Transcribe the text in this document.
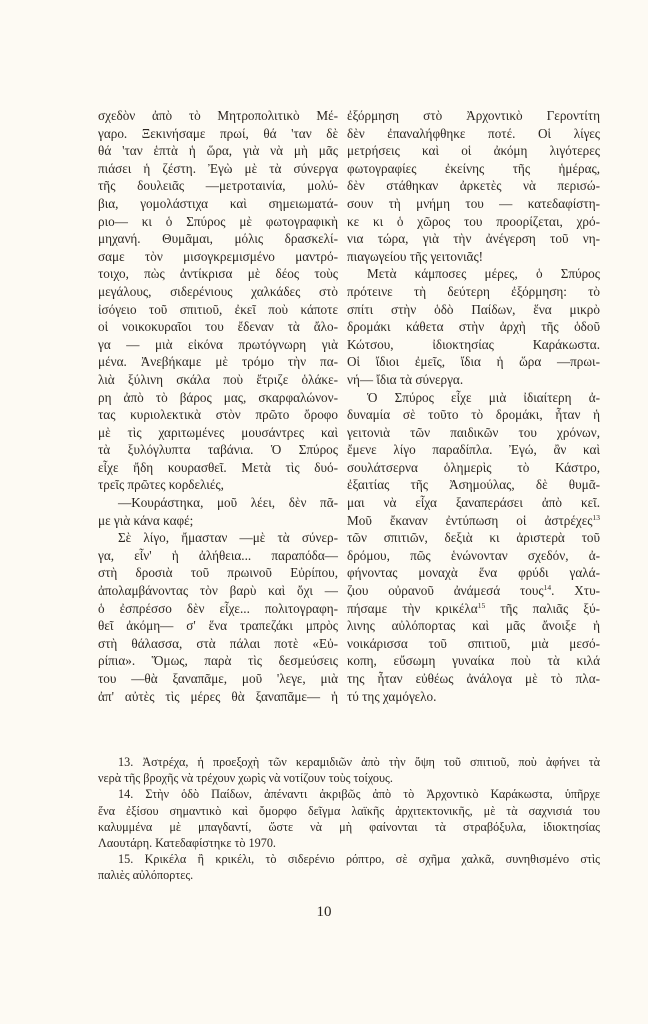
σχεδὸν ἀπὸ τὸ Μητροπολιτικὸ Μέ-
γαρο. Ξεκινήσαμε πρωί, θά 'ταν δὲ
θά 'ταν ἑπτὰ ἡ ὥρα, γιὰ νὰ μὴ μᾶς
πιάσει ἡ ζέστη. Ἐγὼ μὲ τὰ σύνεργα
τῆς δουλειᾶς —μετροταινία, μολύ-
βια, γομολάστιχα καὶ σημειωματά-
ριο— κι ὁ Σπύρος μὲ φωτογραφικὴ
μηχανή. Θυμᾶμαι, μόλις δρασκελί-
σαμε τὸν μισογκρεμισμένο μαντρό-
τοιχο, πὼς ἀντίκρισα μὲ δέος τοὺς
μεγάλους, σιδερένιους χαλκάδες στὸ
ἰσόγειο τοῦ σπιτιοῦ, ἐκεῖ ποὺ κάποτε
οἱ νοικοκυραῖοι του ἔδεναν τὰ ἄλο-
γα — μιὰ εἰκόνα πρωτόγνωρη γιὰ
μένα. Ἀνεβήκαμε μὲ τρόμο τὴν πα-
λιὰ ξύλινη σκάλα ποὺ ἔτριζε ὁλάκε-
ρη ἀπὸ τὸ βάρος μας, σκαρφαλώνον-
τας κυριολεκτικὰ στὸν πρῶτο ὄροφο
μὲ τὶς χαριτωμένες μουσάντρες καὶ
τὰ ξυλόγλυπτα ταβάνια. Ὁ Σπύρος
εἶχε ἤδη κουρασθεῖ. Μετὰ τὶς δυό-
τρεῖς πρῶτες κορδελιές,
—Κουράστηκα, μοῦ λέει, δὲν πᾶ-
με γιὰ κάνα καφέ;
Σὲ λίγο, ἤμασταν —μὲ τὰ σύνερ-
γα, εἶν' ἡ ἀλήθεια... παραπόδα—
στὴ δροσιὰ τοῦ πρωινοῦ Εὐρίπου,
ἀπολαμβάνοντας τὸν βαρὺ καὶ ὄχι —
ὁ ἐσπρέσσο δὲν εἶχε... πολιτογραφη-
θεῖ ἀκόμη— σ' ἕνα τραπεζάκι μπρὸς
στὴ θάλασσα, στὰ πάλαι ποτὲ «Εὐ-
ρίπια». Ὅμως, παρὰ τὶς δεσμεύσεις
του —θὰ ξαναπᾶμε, μοῦ 'λεγε, μιὰ
ἀπ' αὐτὲς τὶς μέρες θὰ ξαναπᾶμε— ἡ
ἐξόρμηση στὸ Ἀρχοντικὸ Γεροντίτη
δὲν ἐπαναλήφθηκε ποτέ. Οἱ λίγες
μετρήσεις καὶ οἱ ἀκόμη λιγότερες
φωτογραφίες ἐκείνης τῆς ἡμέρας,
δὲν στάθηκαν ἀρκετὲς νὰ περισώ-
σουν τὴ μνήμη του — κατεδαφίστη-
κε κι ὁ χῶρος του προορίζεται, χρό-
νια τώρα, γιὰ τὴν ἀνέγερση τοῦ νη-
πιαγωγείου τῆς γειτονιᾶς!
Μετὰ κάμποσες μέρες, ὁ Σπύρος
πρότεινε τὴ δεύτερη ἐξόρμηση: τὸ
σπίτι στὴν ὁδὸ Παίδων, ἕνα μικρὸ
δρομάκι κάθετα στὴν ἀρχὴ τῆς ὁδοῦ
Κώτσου, ἰδιοκτησίας Καράκωστα.
Οἱ ἴδιοι ἐμεῖς, ἴδια ἡ ὥρα —πρωι-
νή— ἴδια τὰ σύνεργα.
Ὁ Σπύρος εἶχε μιὰ ἰδιαίτερη ἀ-
δυναμία σὲ τοῦτο τὸ δρομάκι, ἦταν ἡ
γειτονιὰ τῶν παιδικῶν του χρόνων,
ἔμενε λίγο παραδίπλα. Ἐγώ, ἂν καὶ
σουλάτσερνα ὁλημερὶς τὸ Κάστρο,
ἐξαιτίας τῆς Ἀσημούλας, δὲ θυμᾶ-
μαι νὰ εἶχα ξαναπεράσει ἀπὸ κεῖ.
Μοῦ ἔκαναν ἐντύπωση οἱ ἀστρέχες$^{13}$
τῶν σπιτιῶν, δεξιὰ κι ἀριστερὰ τοῦ
δρόμου, πῶς ἑνώνονταν σχεδόν, ἀ-
φήνοντας μοναχὰ ἕνα φρύδι γαλά-
ζιου οὐρανοῦ ἀνάμεσά τους$^{14}$. Χτυ-
πήσαμε τὴν κρικέλα$^{15}$ τῆς παλιᾶς ξύ-
λινης αὐλόπορτας καὶ μᾶς ἄνοιξε ἡ
νοικάρισσα τοῦ σπιτιοῦ, μιὰ μεσό-
κοπη, εὔσωμη γυναίκα ποὺ τὰ κιλά
της ἦταν εὐθέως ἀνάλογα μὲ τὸ πλα-
τύ της χαμόγελο.
13. Ἀστρέχα, ἡ προεξοχὴ τῶν κεραμιδιῶν ἀπὸ τὴν ὄψη τοῦ σπιτιοῦ, ποὺ ἀφήνει τὰ
νερὰ τῆς βροχῆς νὰ τρέχουν χωρὶς νὰ νοτίζουν τοὺς τοίχους.
14. Στὴν ὁδὸ Παίδων, ἀπέναντι ἀκριβῶς ἀπὸ τὸ Ἀρχοντικὸ Καράκωστα, ὑπῆρχε
ἕνα ἐξίσου σημαντικὸ καὶ ὄμορφο δεῖγμα λαϊκῆς ἀρχιτεκτονικῆς, μὲ τὰ σαχνισιά του
καλυμμένα μὲ μπαγδαντί, ὥστε νὰ μὴ φαίνονται τὰ στραβόξυλα, ἰδιοκτησίας
Λαουτάρη. Κατεδαφίστηκε τὸ 1970.
15. Κρικέλα ἢ κρικέλι, τὸ σιδερένιο ρόπτρο, σὲ σχῆμα χαλκᾶ, συνηθισμένο στὶς
παλιὲς αὐλόπορτες.
10
